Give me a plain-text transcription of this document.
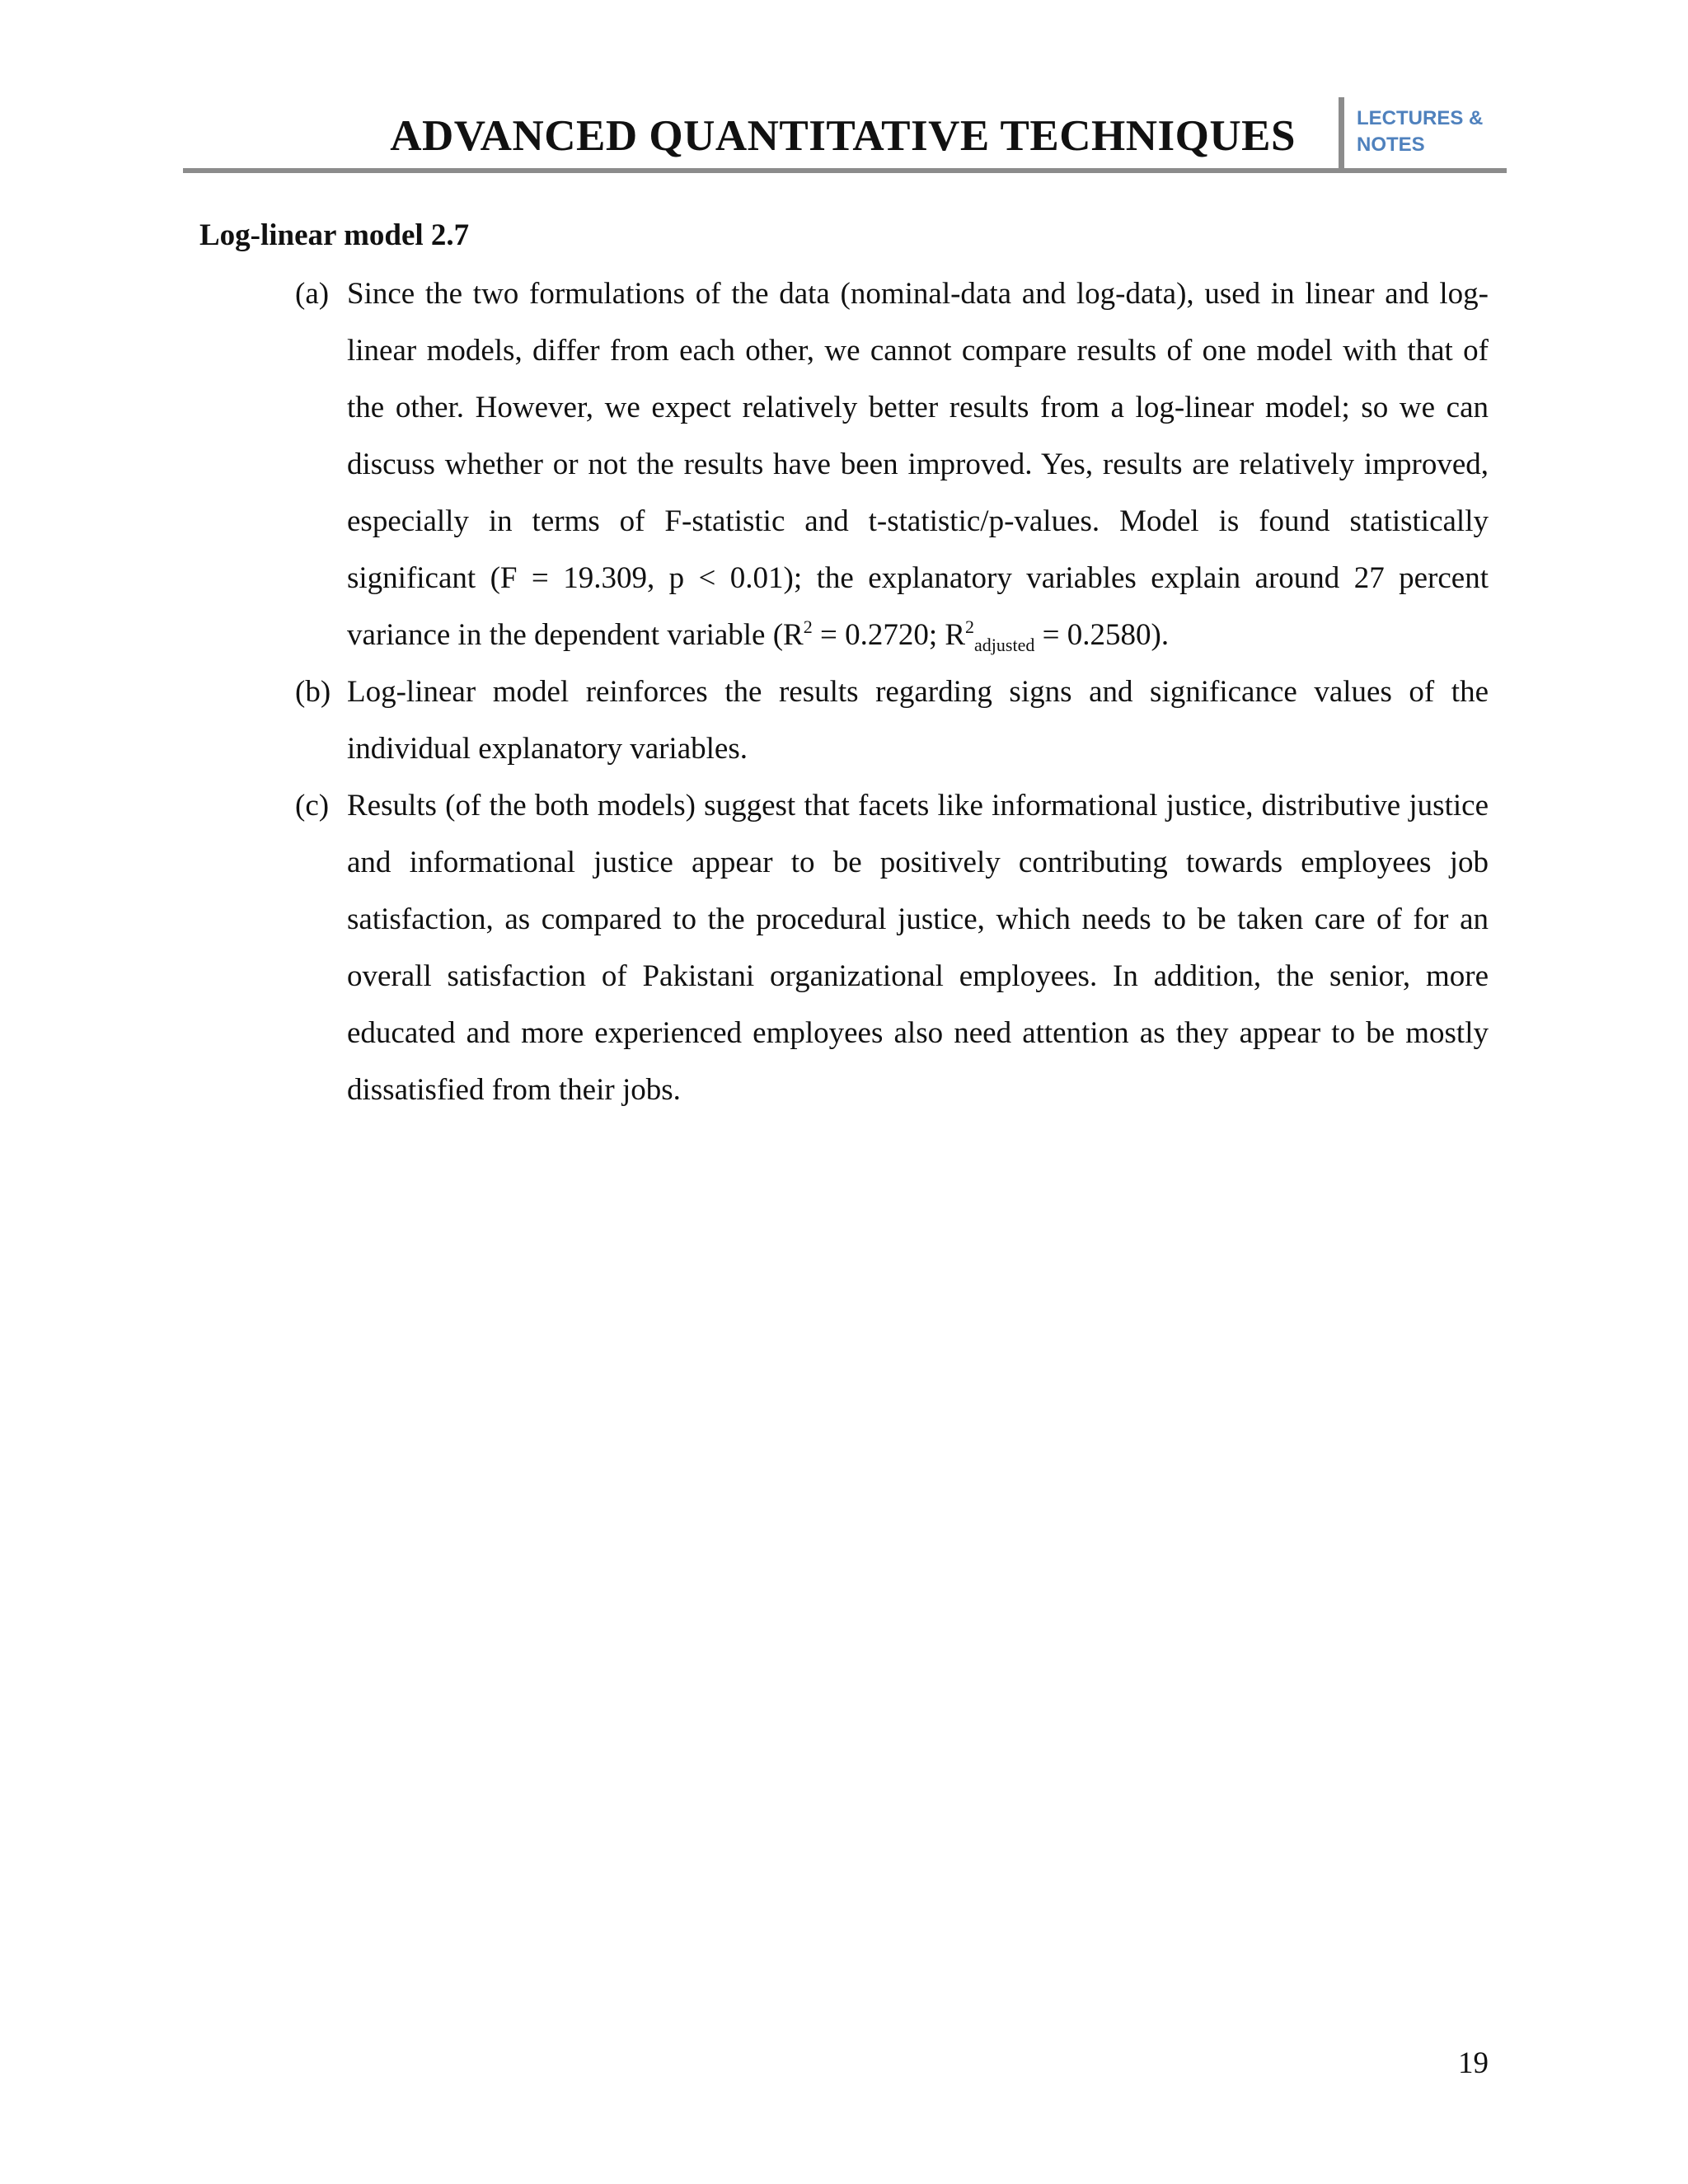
ADVANCED QUANTITATIVE TECHNIQUES	LECTURES &
NOTES
Log-linear model 2.7
(a) Since the two formulations of the data (nominal-data and log-data), used in linear and log-linear models, differ from each other, we cannot compare results of one model with that of the other. However, we expect relatively better results from a log-linear model; so we can discuss whether or not the results have been improved. Yes, results are relatively improved, especially in terms of F-statistic and t-statistic/p-values. Model is found statistically significant (F = 19.309, p < 0.01); the explanatory variables explain around 27 percent variance in the dependent variable ($R^2 = 0.2720$; $R^2_{adjusted} = 0.2580$).
(b) Log-linear model reinforces the results regarding signs and significance values of the individual explanatory variables.
(c) Results (of the both models) suggest that facets like informational justice, distributive justice and informational justice appear to be positively contributing towards employees job satisfaction, as compared to the procedural justice, which needs to be taken care of for an overall satisfaction of Pakistani organizational employees. In addition, the senior, more educated and more experienced employees also need attention as they appear to be mostly dissatisfied from their jobs.
19
